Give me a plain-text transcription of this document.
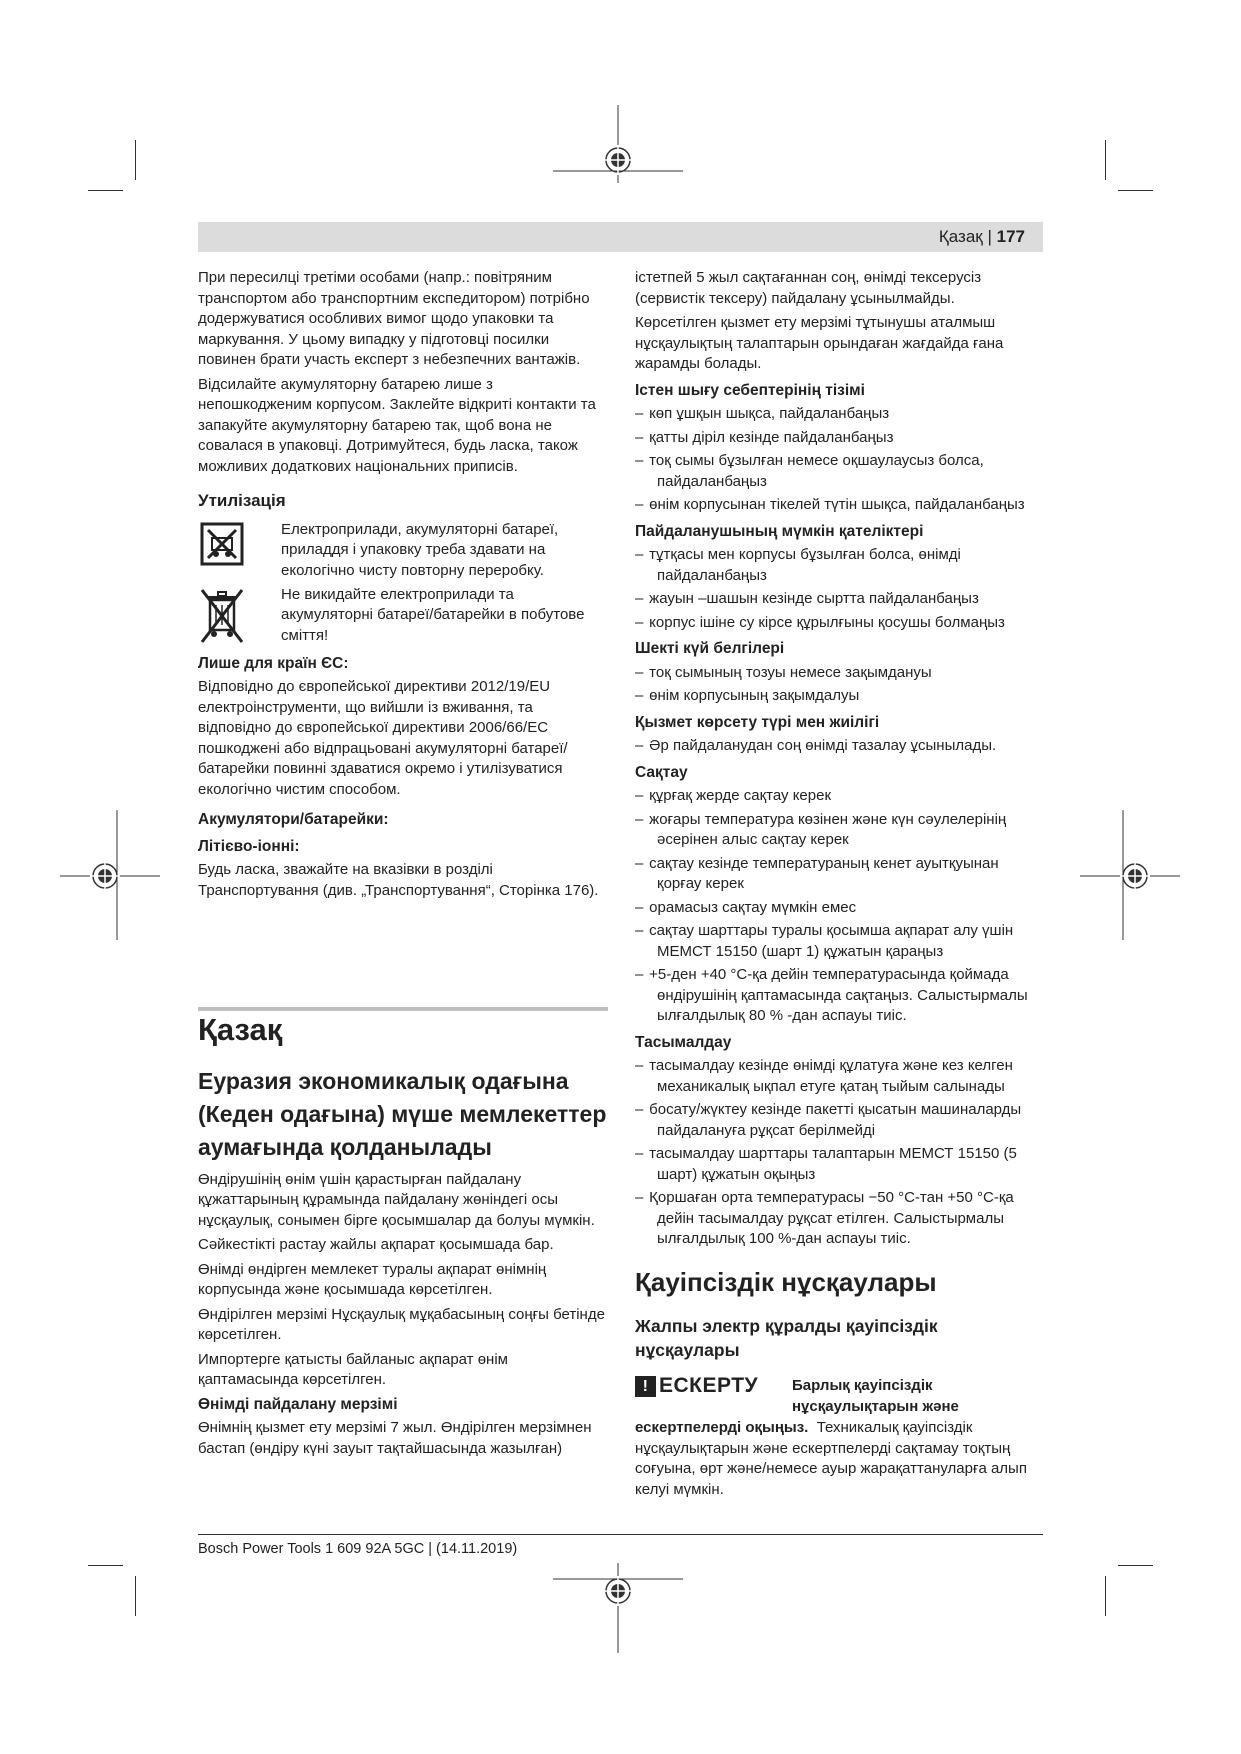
Қазақ | 177

При пересилці третіми особами (напр.: повітряним транспортом або транспортним експедитором) потрібно додержуватися особливих вимог щодо упаковки та маркування. У цьому випадку у підготовці посилки повинен брати участь експерт з небезпечних вантажів.

Відсилайте акумуляторну батарею лише з непошкодженим корпусом. Заклейте відкриті контакти та запакуйте акумуляторну батарею так, щоб вона не совалася в упаковці. Дотримуйтеся, будь ласка, також можливих додаткових національних приписів.

Утилізація
Електроприлади, акумуляторні батареї, приладдя і упаковку треба здавати на екологічно чисту повторну переробку.
Не викидайте електроприлади та акумуляторні батареї/батарейки в побутове сміття!
Лише для країн ЄС:

Відповідно до європейської директиви 2012/19/EU електроінструменти, що вийшли із вживання, та відповідно до європейської директиви 2006/66/EC пошкоджені або відпрацьовані акумуляторні батареї/батарейки повинні здаватися окремо і утилізуватися екологічно чистим способом.

Акумулятори/батарейки:
Літієво-іонні:

Будь ласка, зважайте на вказівки в розділі Транспортування (див. „Транспортування“, Сторінка 176).

Қазақ
Еуразия экономикалық одағына (Кеден одағына) мүше мемлекеттер аумағында қолданылады

Өндірушінің өнім үшін қарастырған пайдалану құжаттарының құрамында пайдалану жөніндегі осы нұсқаулық, сонымен бірге қосымшалар да болуы мүмкін.

Сәйкестікті растау жайлы ақпарат қосымшада бар.

Өнімді өндірген мемлекет туралы ақпарат өнімнің корпусында және қосымшада көрсетілген.

Өндірілген мерзімі Нұсқаулық мұқабасының соңғы бетінде көрсетілген.

Импортерге қатысты байланыс ақпарат өнім қаптамасында көрсетілген.

Өнімді пайдалану мерзімі

Өнімнің қызмет ету мерзімі 7 жыл. Өндірілген мерзімнен бастап (өндіру күні зауыт тақтайшасында жазылған)

істетпей 5 жыл сақтағаннан соң, өнімді тексерусіз (сервистік тексеру) пайдалану ұсынылмайды.

Көрсетілген қызмет ету мерзімі тұтынушы аталмыш нұсқаулықтың талаптарын орындаған жағдайда ғана жарамды болады.

Істен шығу себептерінің тізімі
– көп ұшқын шықса, пайдаланбаңыз
– қатты діріл кезінде пайдаланбаңыз
– тоқ сымы бұзылған немесе оқшаулаусыз болса, пайдаланбаңыз
– өнім корпусынан тікелей түтін шықса, пайдаланбаңыз
Пайдаланушының мүмкін қателіктері
– тұтқасы мен корпусы бұзылған болса, өнімді пайдаланбаңыз
– жауын –шашын кезінде сыртта пайдаланбаңыз
– корпус ішіне су кірсе құрылғыны қосушы болмаңыз
Шекті күй белгілері
– тоқ сымының тозуы немесе зақымдануы
– өнім корпусының зақымдалуы
Қызмет көрсету түрі мен жиілігі
– Әр пайдаланудан соң өнімді тазалау ұсынылады.
Сақтау
– құрғақ жерде сақтау керек
– жоғары температура көзінен және күн сәулелерінің әсерінен алыс сақтау керек
– сақтау кезінде температураның кенет ауытқуынан қорғау керек
– орамасыз сақтау мүмкін емес
– сақтау шарттары туралы қосымша ақпарат алу үшін МЕМСТ 15150 (шарт 1) құжатын қараңыз
– +5-ден +40 °C-қа дейін температурасында қоймада өндірушінің қаптамасында сақтаңыз. Салыстырмалы ылғалдылық 80 % -дан аспауы тиіс.
Тасымалдау
– тасымалдау кезінде өнімді құлатуға және кез келген механикалық ықпал етуге қатаң тыйым салынады
– босату/жүктеу кезінде пакетті қысатын машиналарды пайдалануға рұқсат берілмейді
– тасымалдау шарттары талаптарын МЕМСТ 15150 (5 шарт) құжатын оқыңыз
– Қоршаған орта температурасы −50 °C-тан +50 °C-қа дейін тасымалдау рұқсат етілген. Салыстырмалы ылғалдылық 100 %-дан аспауы тиіс.
Қауіпсіздік нұсқаулары
Жалпы электр құралды қауіпсіздік нұсқаулары
! ЕСКЕРТУ Барлық қауіпсіздік нұсқаулықтарын және

ескертпелерді оқыңыз. Техникалық қауіпсіздік нұсқаулықтарын және ескертпелерді сақтамау тоқтың соғуына, өрт және/немесе ауыр жарақаттануларға алып келуі мүмкін.

Bosch Power Tools 1 609 92A 5GC | (14.11.2019)
